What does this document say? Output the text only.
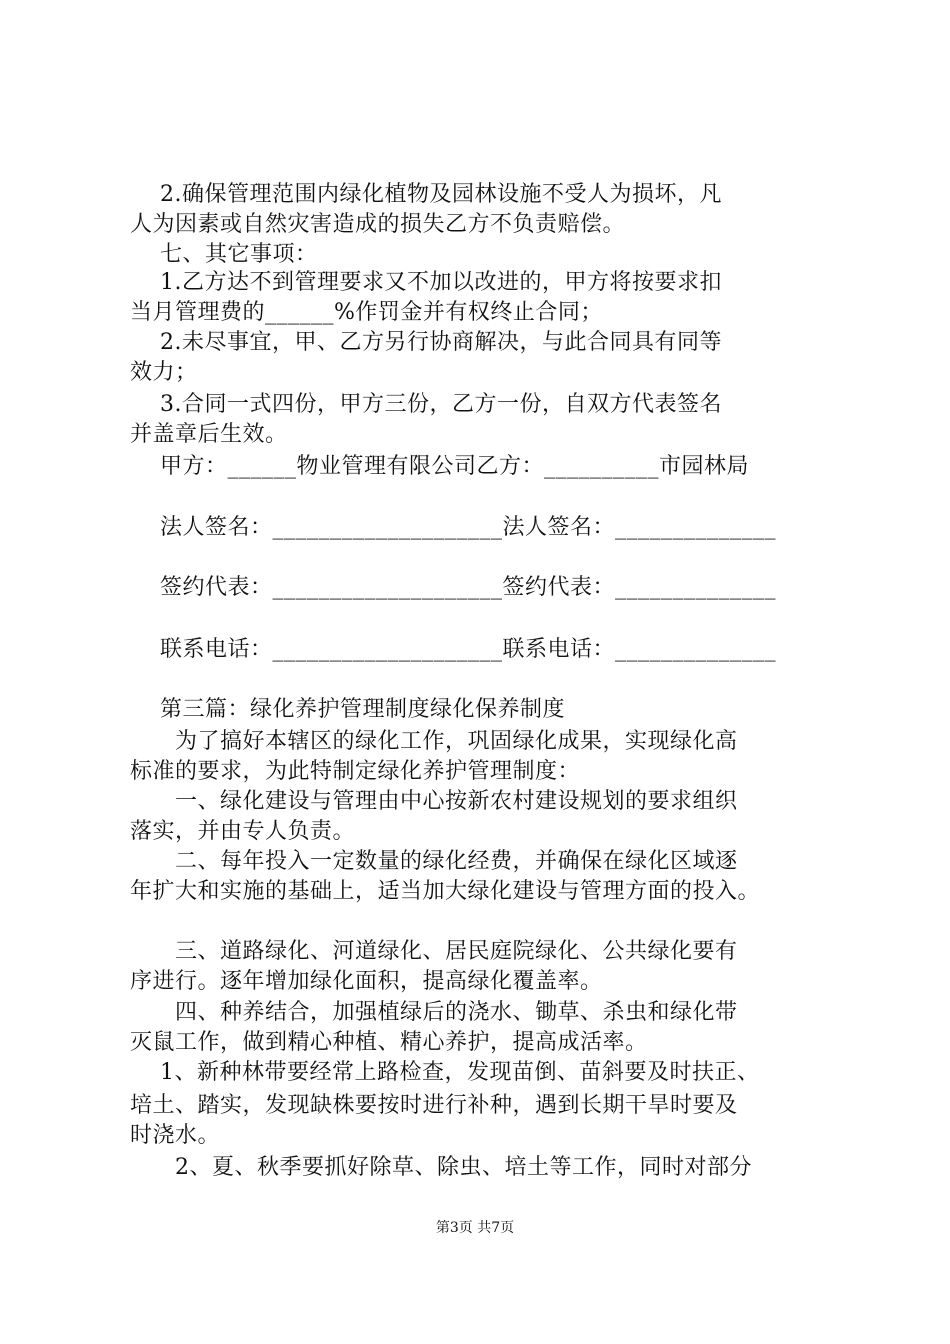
2.确保管理范围内绿化植物及园林设施不受人为损坏，凡

人为因素或自然灾害造成的损失乙方不负责赔偿。

七、其它事项：

1.乙方达不到管理要求又不加以改进的，甲方将按要求扣

当月管理费的______%作罚金并有权终止合同；

2.未尽事宜，甲、乙方另行协商解决，与此合同具有同等

效力；

3.合同一式四份，甲方三份，乙方一份，自双方代表签名

并盖章后生效。

甲方：______物业管理有限公司乙方：__________市园林局

法人签名：____________________法人签名：______________

签约代表：____________________签约代表：______________

联系电话：____________________联系电话：______________

第三篇：绿化养护管理制度绿化保养制度

为了搞好本辖区的绿化工作，巩固绿化成果，实现绿化高

标准的要求，为此特制定绿化养护管理制度：

一、绿化建设与管理由中心按新农村建设规划的要求组织

落实，并由专人负责。

二、每年投入一定数量的绿化经费，并确保在绿化区域逐

年扩大和实施的基础上，适当加大绿化建设与管理方面的投入。

三、道路绿化、河道绿化、居民庭院绿化、公共绿化要有

序进行。逐年增加绿化面积，提高绿化覆盖率。

四、种养结合，加强植绿后的浇水、锄草、杀虫和绿化带

灭鼠工作，做到精心种植、精心养护，提高成活率。

1、新种林带要经常上路检查，发现苗倒、苗斜要及时扶正、

培土、踏实，发现缺株要按时进行补种，遇到长期干旱时要及

时浇水。

2、夏、秋季要抓好除草、除虫、培土等工作，同时对部分

第3页 共7页
